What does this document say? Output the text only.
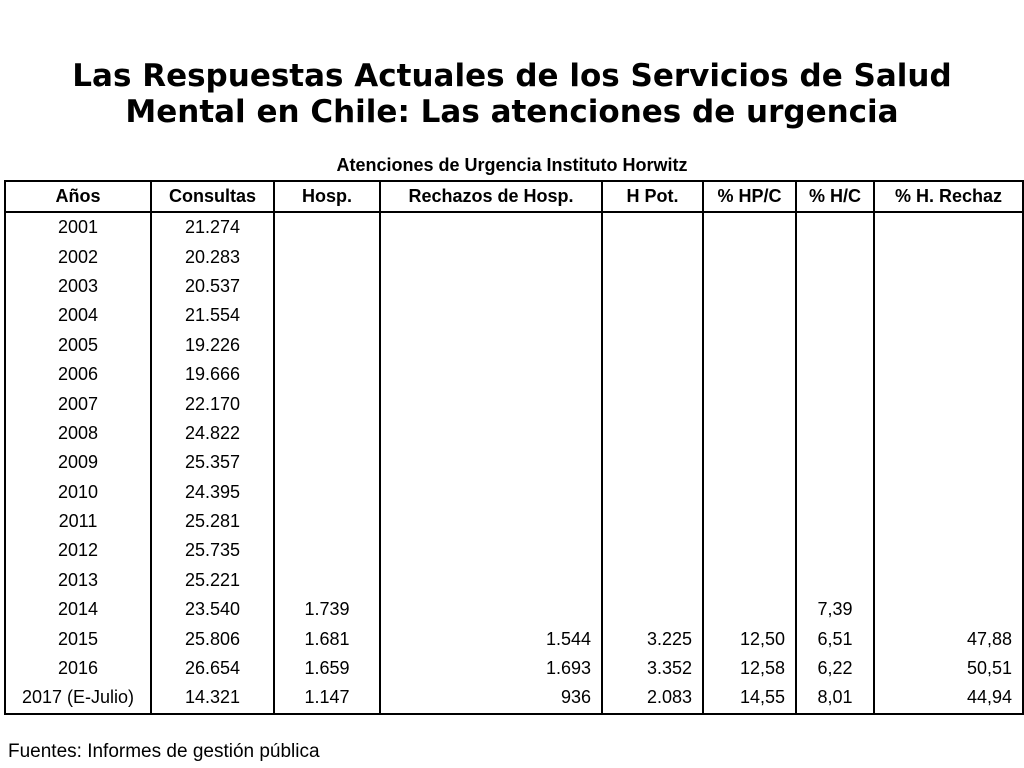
Las Respuestas Actuales de los Servicios de Salud
Mental en Chile: Las atenciones de urgencia
Atenciones de Urgencia Instituto Horwitz
Años	Consultas	Hosp.	Rechazos de Hosp.	H Pot.	% HP/C	% H/C	% H. Rechaz
2001	21.274						
2002	20.283						
2003	20.537						
2004	21.554						
2005	19.226						
2006	19.666						
2007	22.170						
2008	24.822						
2009	25.357						
2010	24.395						
2011	25.281						
2012	25.735						
2013	25.221						
2014	23.540	1.739				7,39	
2015	25.806	1.681	1.544	3.225	12,50	6,51	47,88
2016	26.654	1.659	1.693	3.352	12,58	6,22	50,51
2017 (E-Julio)	14.321	1.147	936	2.083	14,55	8,01	44,94
Fuentes: Informes de gestión pública
